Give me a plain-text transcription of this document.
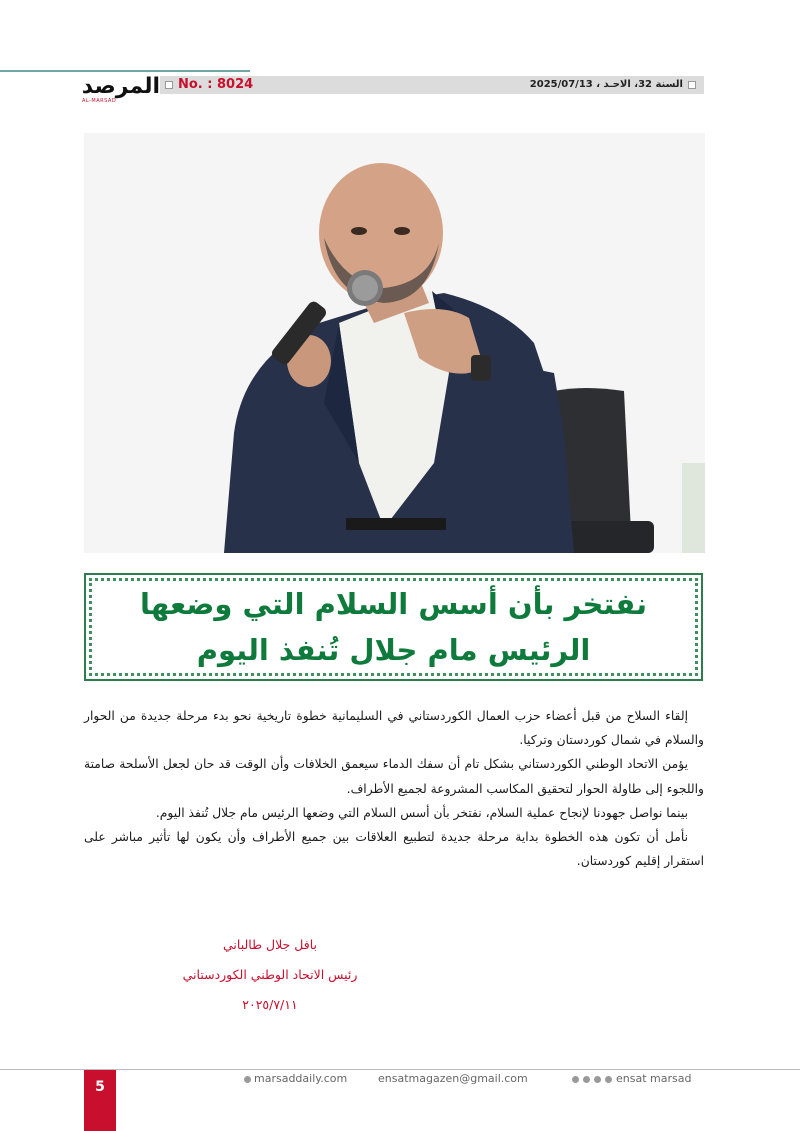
المرصد
AL-MARSAD
No. : 8024	السنة 32، الاحـد ، 2025/07/13
نفتخر بأن أسس السلام التي وضعها
الرئيس مام جلال تُنفذ اليوم

إلقاء السلاح من قبل أعضاء حزب العمال الكوردستاني في السليمانية خطوة تاريخية نحو بدء مرحلة جديدة من الحوار والسلام في شمال كوردستان وتركيا.

يؤمن الاتحاد الوطني الكوردستاني بشكل تام أن سفك الدماء سيعمق الخلافات وأن الوقت قد حان لجعل الأسلحة صامتة واللجوء إلى طاولة الحوار لتحقيق المكاسب المشروعة لجميع الأطراف.

بينما نواصل جهودنا لإنجاح عملية السلام، نفتخر بأن أسس السلام التي وضعها الرئيس مام جلال تُنفذ اليوم.

نأمل أن تكون هذه الخطوة بداية مرحلة جديدة لتطبيع العلاقات بين جميع الأطراف وأن يكون لها تأثير مباشر على استقرار إقليم كوردستان.

بافل جلال طالباني
رئيس الاتحاد الوطني الكوردستاني
٢٠٢٥/٧/١١
5
marsaddaily.com	ensatmagazen@gmail.com	ensat marsad
